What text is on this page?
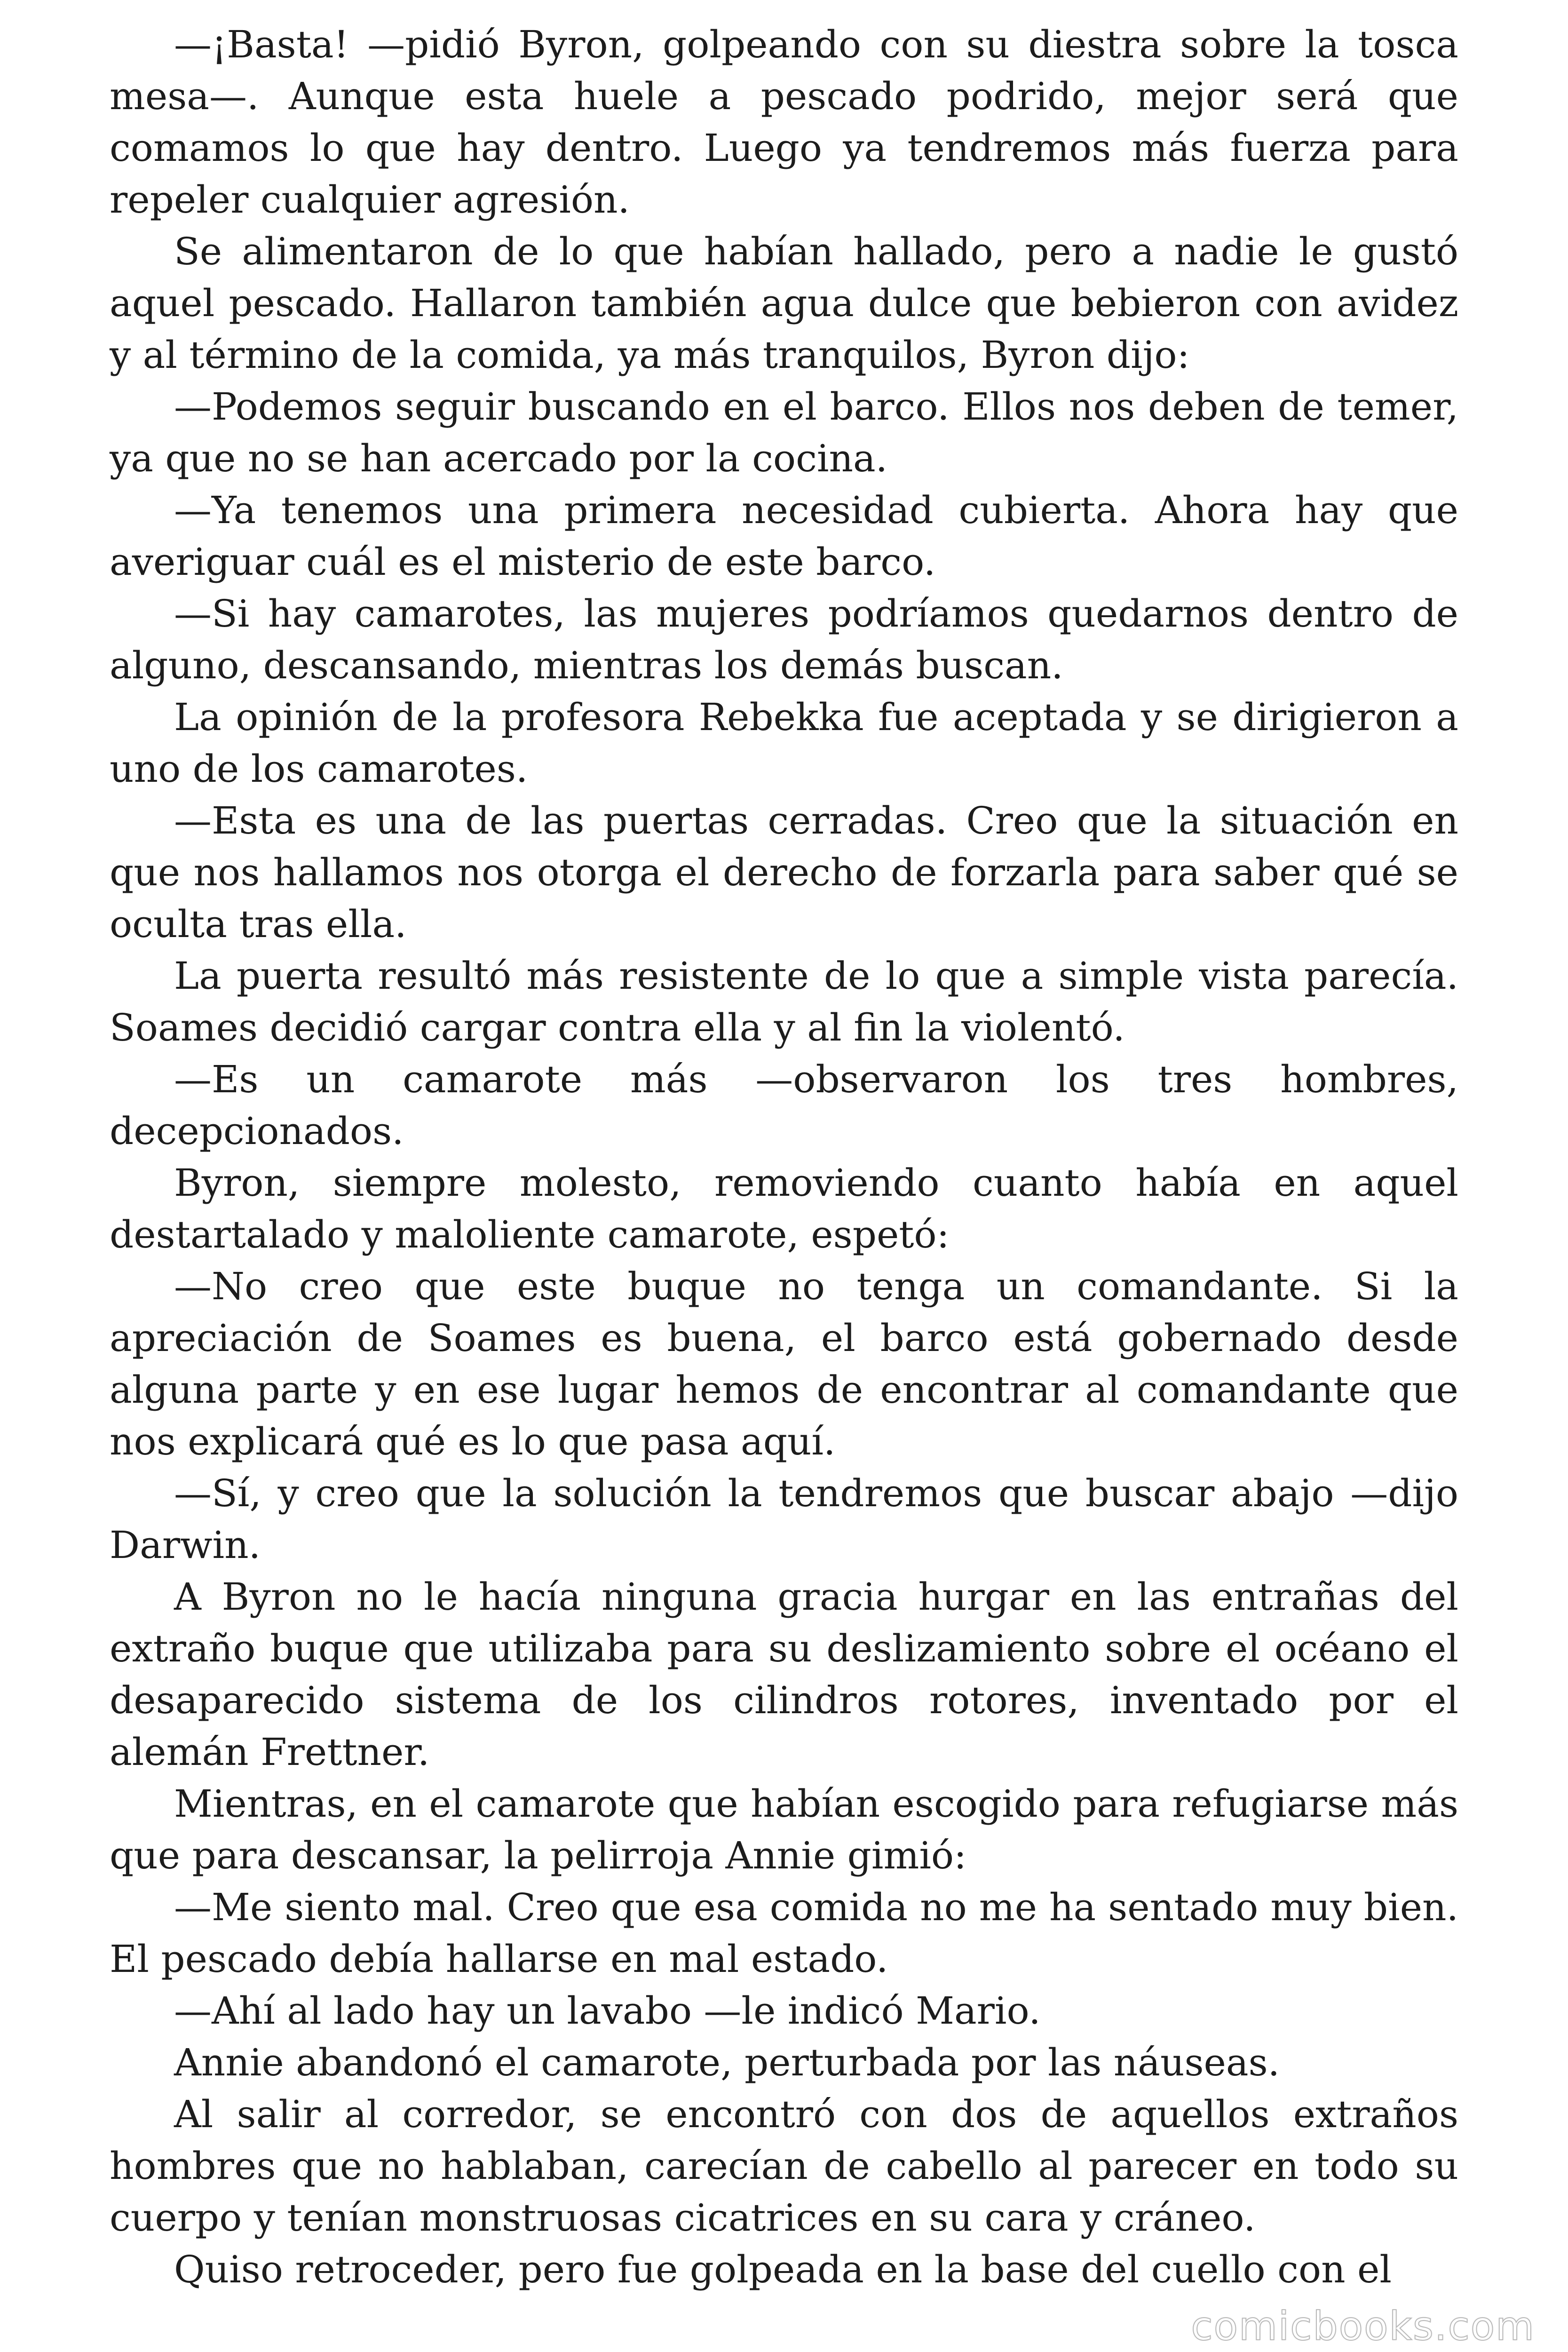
—¡Basta! —pidió Byron, golpeando con su diestra sobre la tosca mesa—. Aunque esta huele a pescado podrido, mejor será que comamos lo que hay dentro. Luego ya tendremos más fuerza para repeler cualquier agresión.

Se alimentaron de lo que habían hallado, pero a nadie le gustó aquel pescado. Hallaron también agua dulce que bebieron con avidez y al término de la comida, ya más tranquilos, Byron dijo:

—Podemos seguir buscando en el barco. Ellos nos deben de temer, ya que no se han acercado por la cocina.

—Ya tenemos una primera necesidad cubierta. Ahora hay que averiguar cuál es el misterio de este barco.

—Si hay camarotes, las mujeres podríamos quedarnos dentro de alguno, descansando, mientras los demás buscan.

La opinión de la profesora Rebekka fue aceptada y se dirigieron a uno de los camarotes.

—Esta es una de las puertas cerradas. Creo que la situación en que nos hallamos nos otorga el derecho de forzarla para saber qué se oculta tras ella.

La puerta resultó más resistente de lo que a simple vista parecía. Soames decidió cargar contra ella y al fin la violentó.

—Es un camarote más —observaron los tres hombres, decepcionados.

Byron, siempre molesto, removiendo cuanto había en aquel destartalado y maloliente camarote, espetó:

—No creo que este buque no tenga un comandante. Si la apreciación de Soames es buena, el barco está gobernado desde alguna parte y en ese lugar hemos de encontrar al comandante que nos explicará qué es lo que pasa aquí.

—Sí, y creo que la solución la tendremos que buscar abajo —dijo Darwin.

A Byron no le hacía ninguna gracia hurgar en las entrañas del extraño buque que utilizaba para su deslizamiento sobre el océano el desaparecido sistema de los cilindros rotores, inventado por el alemán Frettner.

Mientras, en el camarote que habían escogido para refugiarse más que para descansar, la pelirroja Annie gimió:

—Me siento mal. Creo que esa comida no me ha sentado muy bien. El pescado debía hallarse en mal estado.

—Ahí al lado hay un lavabo —le indicó Mario.

Annie abandonó el camarote, perturbada por las náuseas.

Al salir al corredor, se encontró con dos de aquellos extraños hombres que no hablaban, carecían de cabello al parecer en todo su cuerpo y tenían monstruosas cicatrices en su cara y cráneo.

Quiso retroceder, pero fue golpeada en la base del cuello con el

comicbooks.com
